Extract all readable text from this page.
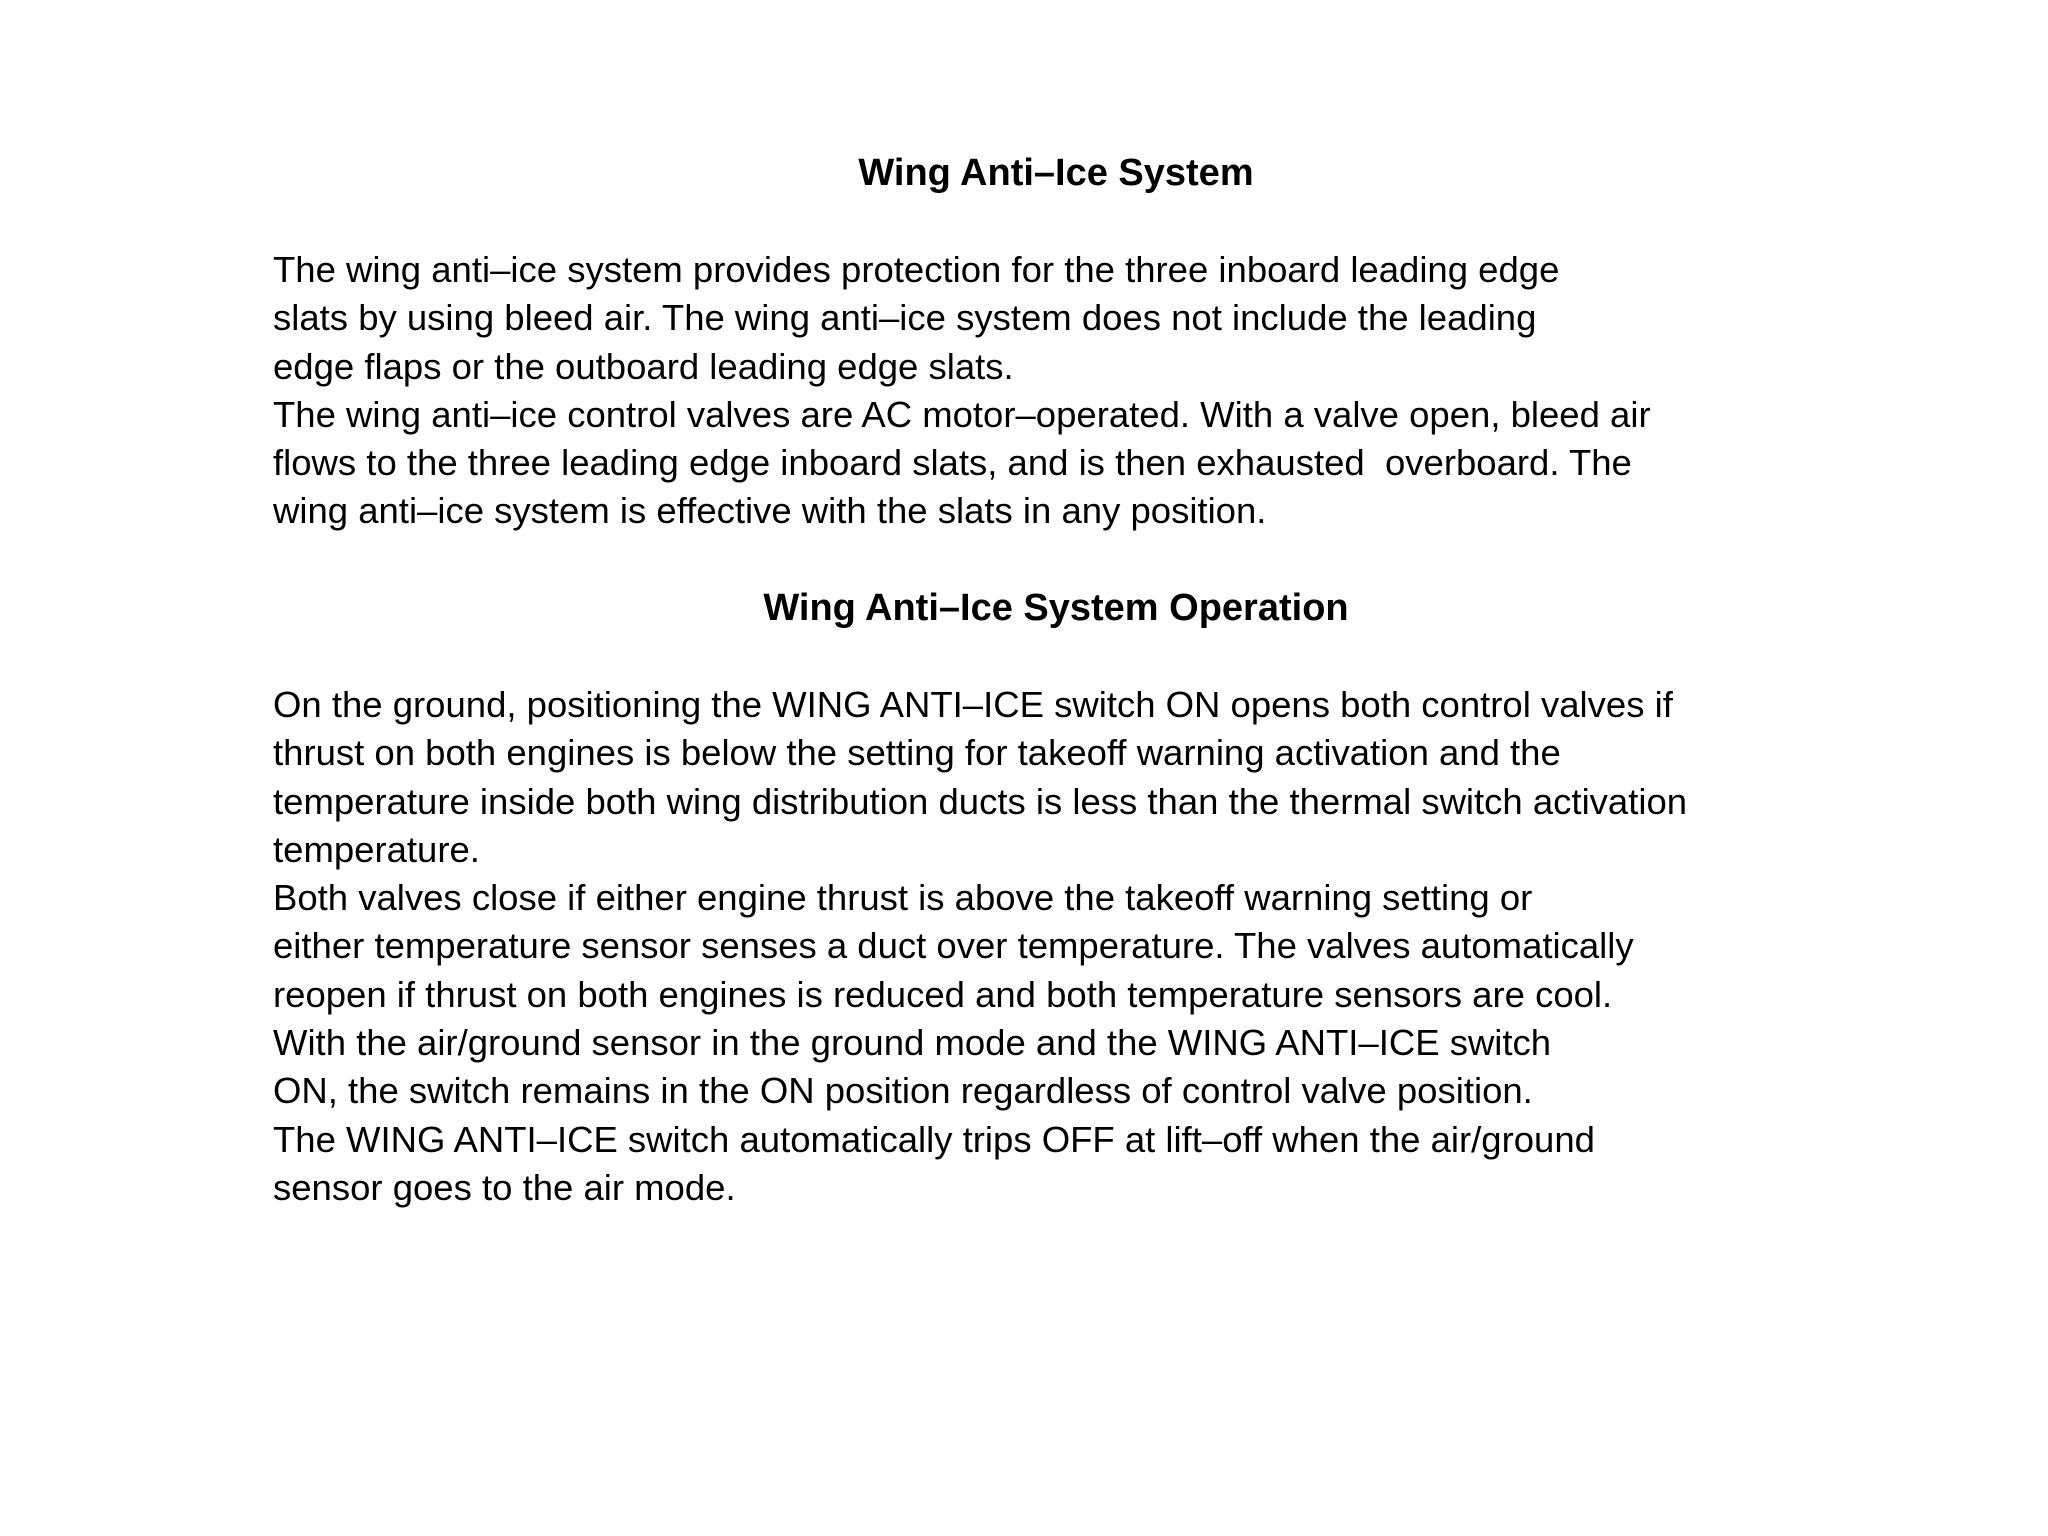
Wing Anti–Ice System
The wing anti–ice system provides protection for the three inboard leading edge
slats by using bleed air. The wing anti–ice system does not include the leading
edge flaps or the outboard leading edge slats.
The wing anti–ice control valves are AC motor–operated. With a valve open, bleed air
flows to the three leading edge inboard slats, and is then exhausted  overboard. The
wing anti–ice system is effective with the slats in any position.
Wing Anti–Ice System Operation
On the ground, positioning the WING ANTI–ICE switch ON opens both control valves if
thrust on both engines is below the setting for takeoff warning activation and the
temperature inside both wing distribution ducts is less than the thermal switch activation
temperature.
Both valves close if either engine thrust is above the takeoff warning setting or
either temperature sensor senses a duct over temperature. The valves automatically
reopen if thrust on both engines is reduced and both temperature sensors are cool.
With the air/ground sensor in the ground mode and the WING ANTI–ICE switch
ON, the switch remains in the ON position regardless of control valve position.
The WING ANTI–ICE switch automatically trips OFF at lift–off when the air/ground
sensor goes to the air mode.
